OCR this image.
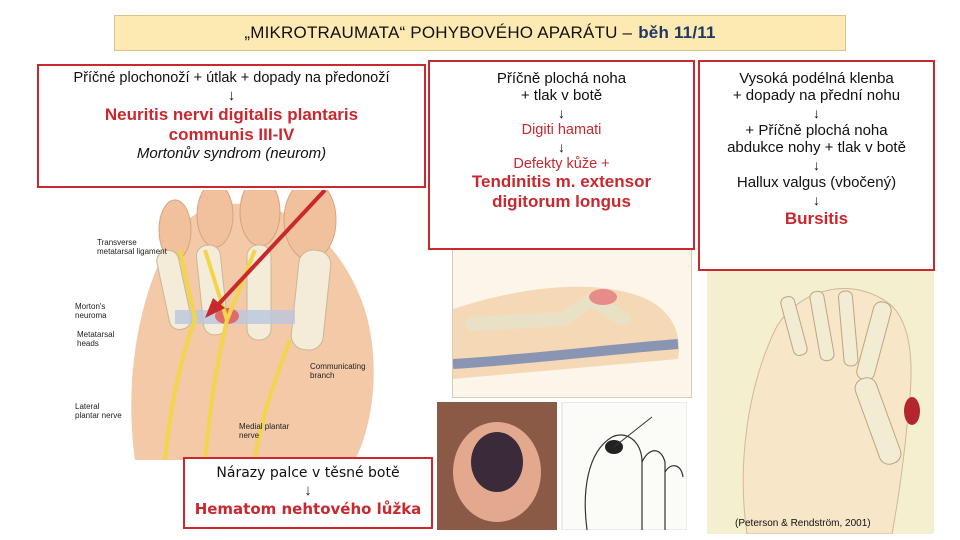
„MIKROTRAUMATA“ POHYBOVÉHO APARÁTU – běh 11/11
Transverse
metatarsal ligament
Morton's
neuroma
Metatarsal
heads
Communicating
branch
Lateral
plantar nerve
Medial plantar
nerve
(Peterson & Rendström, 2001)
Příčné plochonoží + útlak + dopady na předonoží
↓
Neuritis nervi digitalis plantaris
communis III-IV
Mortonův syndrom (neurom)
Příčně plochá noha
+ tlak v botě
↓
Digiti hamati
↓
Defekty kůže +
Tendinitis m. extensor
digitorum longus
Vysoká podélná klenba
+ dopady na přední nohu
↓
+ Příčně plochá noha
abdukce nohy + tlak v botě
↓
Hallux valgus (vbočený)
↓
Bursitis
Nárazy palce v těsné botě
↓
Hematom nehtového lůžka
